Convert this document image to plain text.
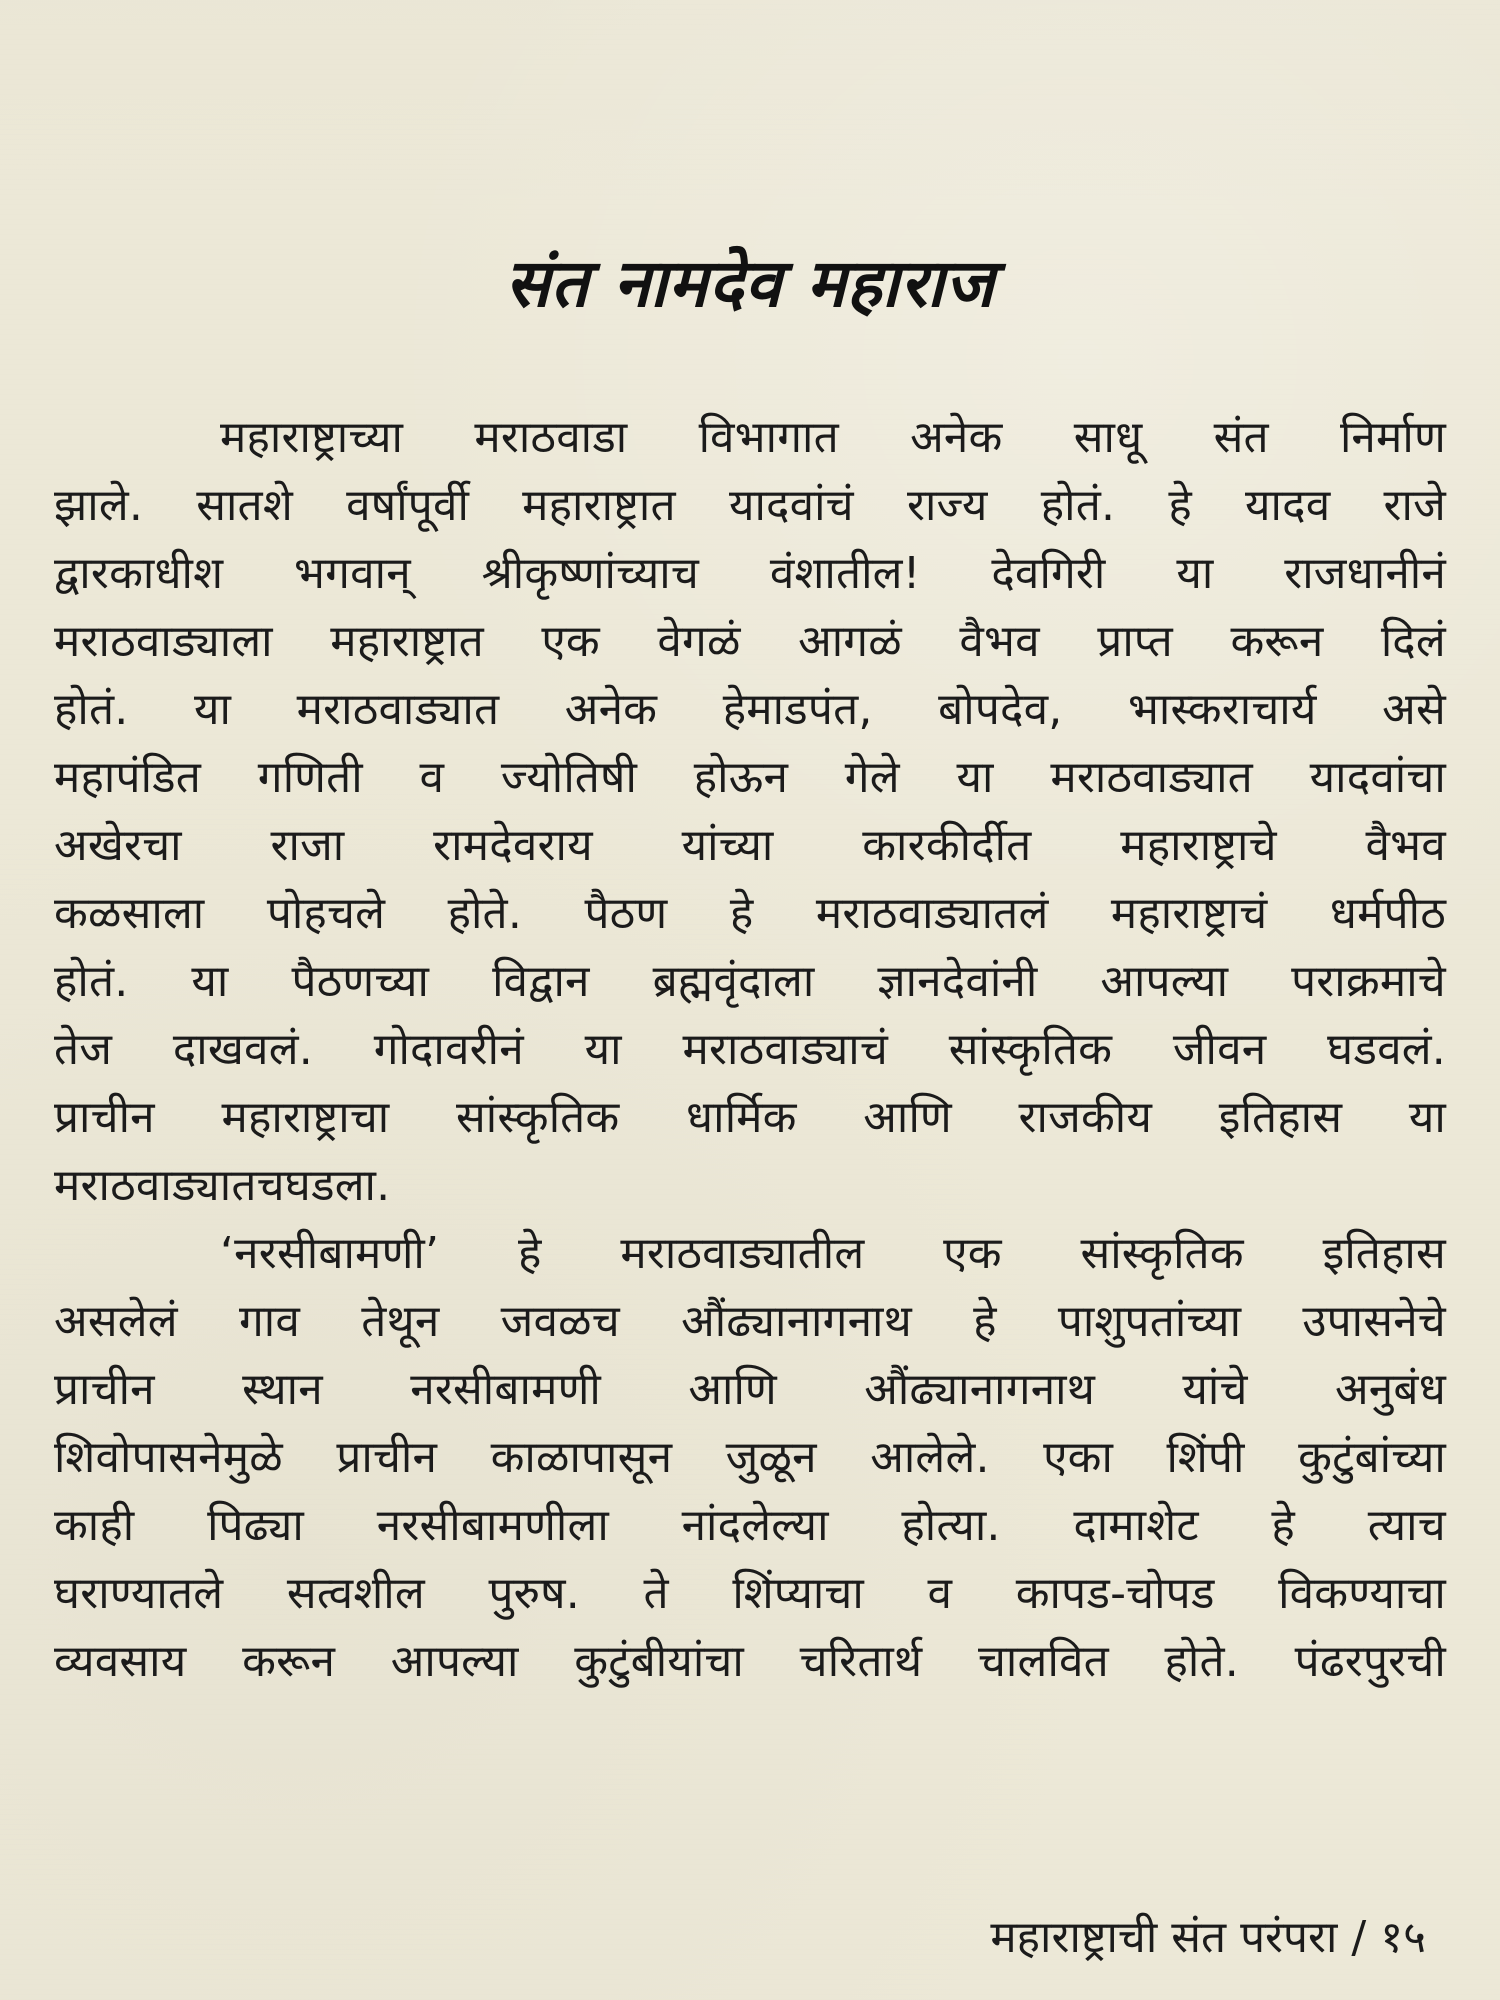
संत नामदेव महाराज
महाराष्ट्राच्या मराठवाडा विभागात अनेक साधू संत निर्माण
झाले. सातशे वर्षांपूर्वी महाराष्ट्रात यादवांचं राज्य होतं. हे यादव राजे
द्वारकाधीश भगवान् श्रीकृष्णांच्याच वंशातील! देवगिरी या राजधानीनं
मराठवाड्याला महाराष्ट्रात एक वेगळं आगळं वैभव प्राप्त करून दिलं
होतं. या मराठवाड्यात अनेक हेमाडपंत, बोपदेव, भास्कराचार्य असे
महापंडित गणिती व ज्योतिषी होऊन गेले या मराठवाड्यात यादवांचा
अखेरचा राजा रामदेवराय यांच्या कारकीर्दीत महाराष्ट्राचे वैभव
कळसाला पोहचले होते. पैठण हे मराठवाड्यातलं महाराष्ट्राचं धर्मपीठ
होतं. या पैठणच्या विद्वान ब्रह्मवृंदाला ज्ञानदेवांनी आपल्या पराक्रमाचे
तेज दाखवलं. गोदावरीनं या मराठवाड्याचं सांस्कृतिक जीवन घडवलं.
प्राचीन महाराष्ट्राचा सांस्कृतिक धार्मिक आणि राजकीय इतिहास या
मराठवाड्यातच घडला.
‘नरसीबामणी’ हे मराठवाड्यातील एक सांस्कृतिक इतिहास
असलेलं गाव तेथून जवळच औंढ्यानागनाथ हे पाशुपतांच्या उपासनेचे
प्राचीन स्थान नरसीबामणी आणि औंढ्यानागनाथ यांचे अनुबंध
शिवोपासनेमुळे प्राचीन काळापासून जुळून आलेले. एका शिंपी कुटुंबांच्या
काही पिढ्या नरसीबामणीला नांदलेल्या होत्या. दामाशेट हे त्याच
घराण्यातले सत्वशील पुरुष. ते शिंप्याचा व कापड-चोपड विकण्याचा
व्यवसाय करून आपल्या कुटुंबीयांचा चरितार्थ चालवित होते. पंढरपुरची
महाराष्ट्राची संत परंपरा / १५
